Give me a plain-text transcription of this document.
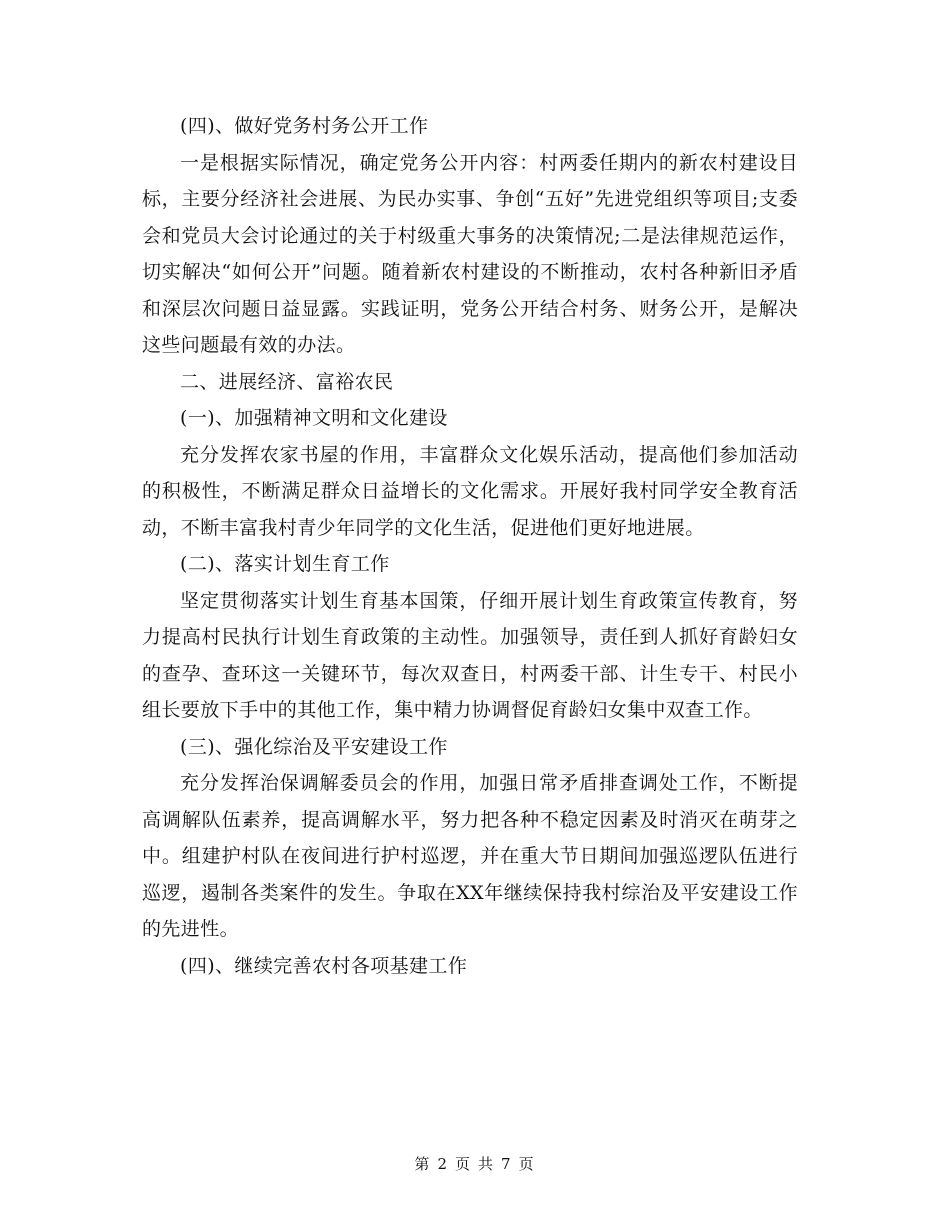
(四)、做好党务村务公开工作

一是根据实际情况，确定党务公开内容：村两委任期内的新农村建设目标，主要分经济社会进展、为民办实事、争创“五好”先进党组织等项目;支委会和党员大会讨论通过的关于村级重大事务的决策情况;二是法律规范运作，切实解决“如何公开”问题。随着新农村建设的不断推动，农村各种新旧矛盾和深层次问题日益显露。实践证明，党务公开结合村务、财务公开，是解决这些问题最有效的办法。

二、进展经济、富裕农民

(一)、加强精神文明和文化建设

充分发挥农家书屋的作用，丰富群众文化娱乐活动，提高他们参加活动的积极性，不断满足群众日益增长的文化需求。开展好我村同学安全教育活动，不断丰富我村青少年同学的文化生活，促进他们更好地进展。

(二)、落实计划生育工作

坚定贯彻落实计划生育基本国策，仔细开展计划生育政策宣传教育，努力提高村民执行计划生育政策的主动性。加强领导，责任到人抓好育龄妇女的查孕、查环这一关键环节，每次双查日，村两委干部、计生专干、村民小组长要放下手中的其他工作，集中精力协调督促育龄妇女集中双查工作。

(三)、强化综治及平安建设工作

充分发挥治保调解委员会的作用，加强日常矛盾排查调处工作，不断提高调解队伍素养，提高调解水平，努力把各种不稳定因素及时消灭在萌芽之中。组建护村队在夜间进行护村巡逻，并在重大节日期间加强巡逻队伍进行巡逻，遏制各类案件的发生。争取在XX年继续保持我村综治及平安建设工作的先进性。

(四)、继续完善农村各项基建工作

第 2 页 共 7 页
